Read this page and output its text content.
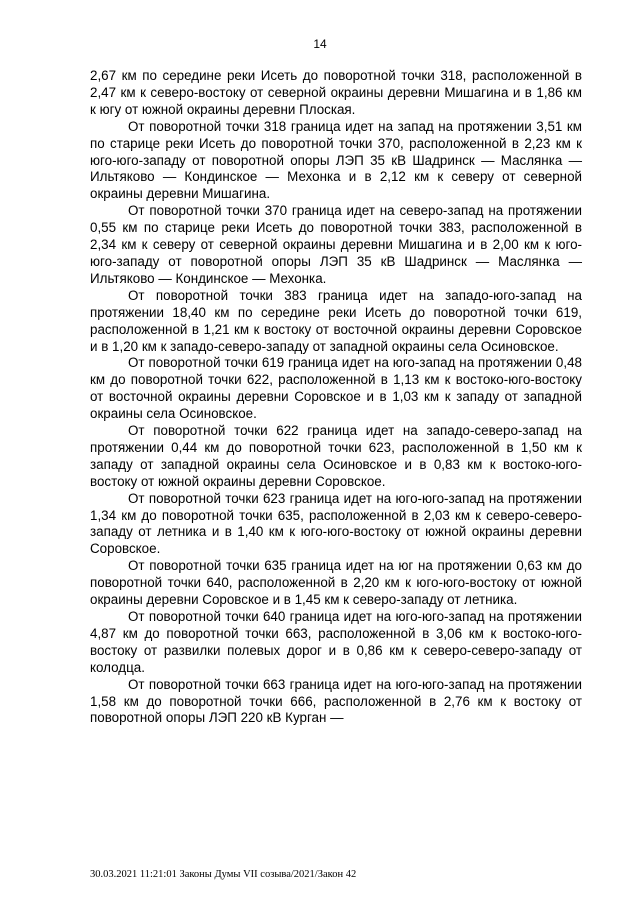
14

2,67 км по середине реки Исеть до поворотной точки 318, расположенной в 2,47 км к северо-востоку от северной окраины деревни Мишагина и в 1,86 км к югу от южной окраины деревни Плоская.

От поворотной точки 318 граница идет на запад на протяжении 3,51 км по старице реки Исеть до поворотной точки 370, расположенной в 2,23 км к юго-юго-западу от поворотной опоры ЛЭП 35 кВ Шадринск — Маслянка — Ильтяково — Кондинское — Мехонка и в 2,12 км к северу от северной окраины деревни Мишагина.

От поворотной точки 370 граница идет на северо-запад на протяжении 0,55 км по старице реки Исеть до поворотной точки 383, расположенной в 2,34 км к северу от северной окраины деревни Мишагина и в 2,00 км к юго-юго-западу от поворотной опоры ЛЭП 35 кВ Шадринск — Маслянка — Ильтяково — Кондинское — Мехонка.

От поворотной точки 383 граница идет на западо-юго-запад на протяжении 18,40 км по середине реки Исеть до поворотной точки 619, расположенной в 1,21 км к востоку от восточной окраины деревни Соровское и в 1,20 км к западо-северо-западу от западной окраины села Осиновское.

От поворотной точки 619 граница идет на юго-запад на протяжении 0,48 км до поворотной точки 622, расположенной в 1,13 км к востоко-юго-востоку от восточной окраины деревни Соровское и в 1,03 км к западу от западной окраины села Осиновское.

От поворотной точки 622 граница идет на западо-северо-запад на протяжении 0,44 км до поворотной точки 623, расположенной в 1,50 км к западу от западной окраины села Осиновское и в 0,83 км к востоко-юго-востоку от южной окраины деревни Соровское.

От поворотной точки 623 граница идет на юго-юго-запад на протяжении 1,34 км до поворотной точки 635, расположенной в 2,03 км к северо-северо-западу от летника и в 1,40 км к юго-юго-востоку от южной окраины деревни Соровское.

От поворотной точки 635 граница идет на юг на протяжении 0,63 км до поворотной точки 640, расположенной в 2,20 км к юго-юго-востоку от южной окраины деревни Соровское и в 1,45 км к северо-западу от летника.

От поворотной точки 640 граница идет на юго-юго-запад на протяжении 4,87 км до поворотной точки 663, расположенной в 3,06 км к востоко-юго-востоку от развилки полевых дорог и в 0,86 км к северо-северо-западу от колодца.

От поворотной точки 663 граница идет на юго-юго-запад на протяжении 1,58 км до поворотной точки 666, расположенной в 2,76 км к востоку от поворотной опоры ЛЭП 220 кВ Курган —

30.03.2021 11:21:01 Законы Думы VII созыва/2021/Закон 42
